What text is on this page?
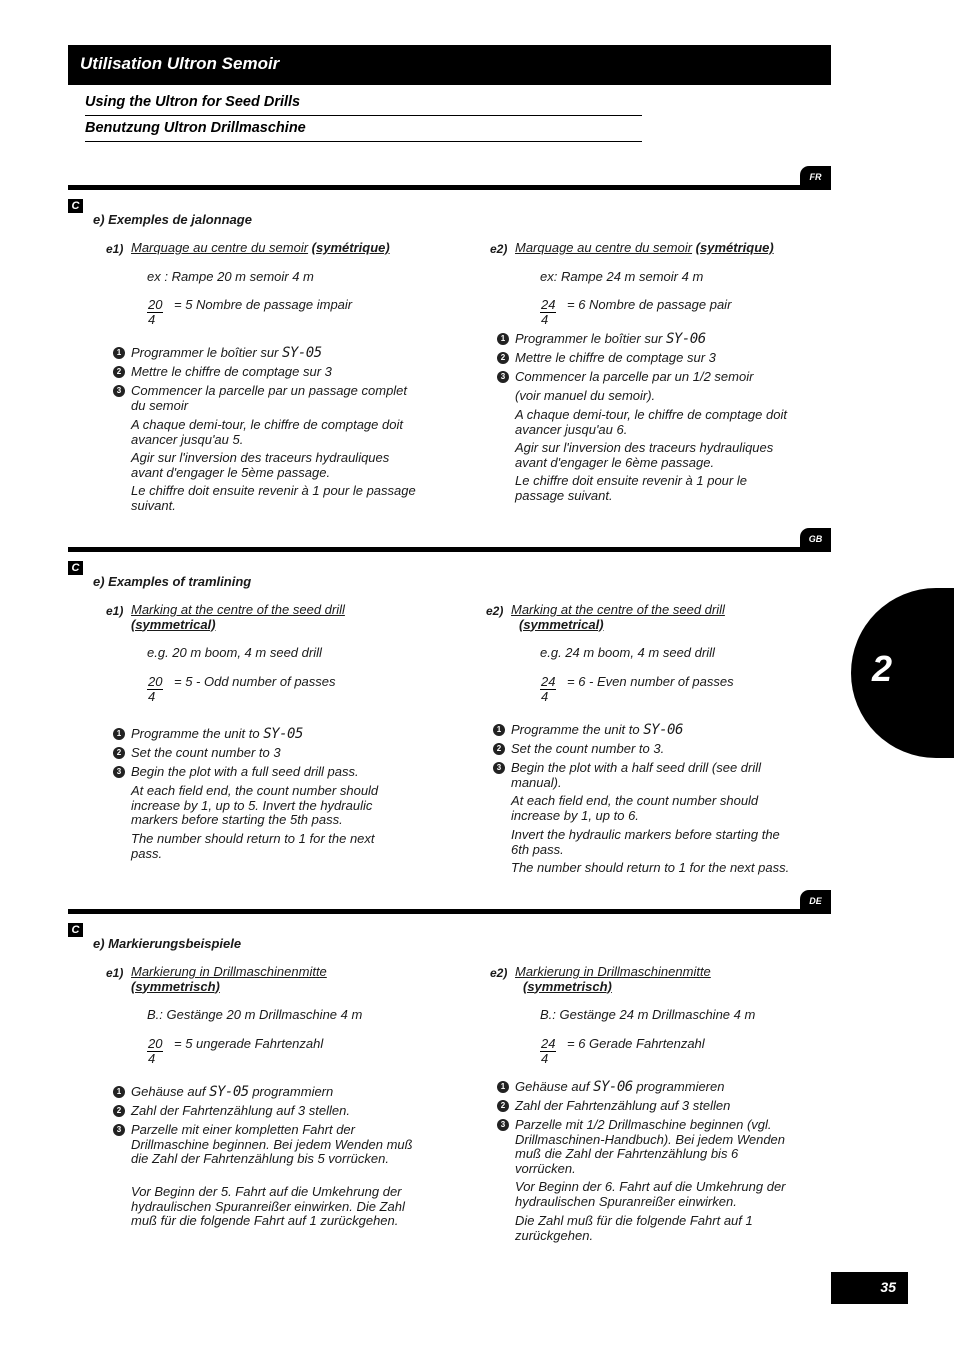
Utilisation Ultron Semoir
Using the Ultron for Seed Drills
Benutzung Ultron Drillmaschine
2
35
FR
C
e) Exemples de jalonnage
e1) Marquage au centre du semoir (symétrique)
ex : Rampe 20 m semoir 4 m
20
4
= 5 Nombre de passage impair
1 Programmer le boîtier sur SY-05
2 Mettre le chiffre de comptage sur 3
3 Commencer la parcelle par un passage complet du semoir
A chaque demi-tour, le chiffre de comptage doit avancer jusqu'au 5.
Agir sur l'inversion des traceurs hydrauliques avant d'engager le 5ème passage.
Le chiffre doit ensuite revenir à 1 pour le passage suivant.
e2) Marquage au centre du semoir (symétrique)
ex: Rampe 24 m semoir 4 m
24
4
= 6 Nombre de passage pair
1 Programmer le boîtier sur SY-06
2 Mettre le chiffre de comptage sur 3
3 Commencer la parcelle par un 1/2 semoir
(voir manuel du semoir).
A chaque demi-tour, le chiffre de comptage doit avancer jusqu'au 6.
Agir sur l'inversion des traceurs hydrauliques avant d'engager le 6ème passage.
Le chiffre doit ensuite revenir à 1 pour le passage suivant.
GB
C
e) Examples of tramlining
e1) Marking at the centre of the seed drill
(symmetrical)
e.g. 20 m boom, 4 m seed drill
20
4
= 5 - Odd number of passes
1 Programme the unit to SY-05
2 Set the count number to 3
3 Begin the plot with a full seed drill pass.
At each field end, the count number should increase by 1, up to 5. Invert the hydraulic markers before starting the 5th pass.
The number should return to 1 for the next pass.
e2) Marking at the centre of the seed drill
(symmetrical)
e.g. 24 m boom, 4 m seed drill
24
4
= 6 - Even number of passes
1 Programme the unit to SY-06
2 Set the count number to 3.
3 Begin the plot with a half seed drill (see drill manual).
At each field end, the count number should increase by 1, up to 6.
Invert the hydraulic markers before starting the 6th pass.
The number should return to 1 for the next pass.
DE
C
e) Markierungsbeispiele
e1) Markierung in Drillmaschinenmitte
(symmetrisch)
B.: Gestänge 20 m Drillmaschine 4 m
20
4
= 5 ungerade Fahrtenzahl
1 Gehäuse auf SY-05 programmiern
2 Zahl der Fahrtenzählung auf 3 stellen.
3 Parzelle mit einer kompletten Fahrt der Drillmaschine beginnen. Bei jedem Wenden muß die Zahl der Fahrtenzählung bis 5 vorrücken.
Vor Beginn der 5. Fahrt auf die Umkehrung der hydraulischen Spuranreißer einwirken. Die Zahl muß für die folgende Fahrt auf 1 zurückgehen.
e2) Markierung in Drillmaschinenmitte
(symmetrisch)
B.: Gestänge 24 m Drillmaschine 4 m
24
4
= 6 Gerade Fahrtenzahl
1 Gehäuse auf SY-06 programmieren
2 Zahl der Fahrtenzählung auf 3 stellen
3 Parzelle mit 1/2 Drillmaschine beginnen (vgl. Drillmaschinen-Handbuch). Bei jedem Wenden muß die Zahl der Fahrtenzählung bis 6 vorrücken.
Vor Beginn der 6. Fahrt auf die Umkehrung der hydraulischen Spuranreißer einwirken.
Die Zahl muß für die folgende Fahrt auf 1 zurückgehen.
